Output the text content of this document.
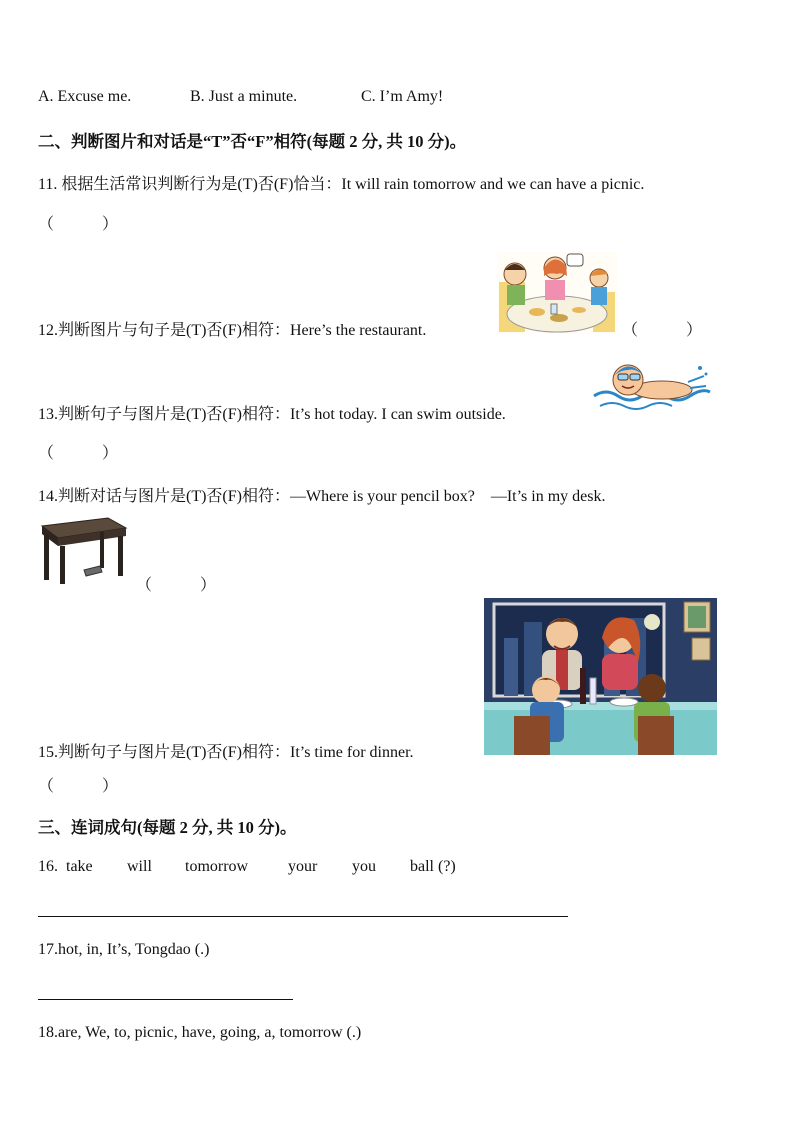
A. Excuse me.	B. Just a minute.	C. I’m Amy!
二、判断图片和对话是“T”否“F”相符(每题 2 分, 共 10 分)。
11. 根据生活常识判断行为是(T)否(F)恰当：It will rain tomorrow and we can have a picnic.
（　　　）
12.判断图片与句子是(T)否(F)相符：Here’s the restaurant.	（　　　）
13.判断句子与图片是(T)否(F)相符：It’s hot today. I can swim outside.
（　　　）
14.判断对话与图片是(T)否(F)相符：—Where is your pencil box?　—It’s in my desk.
（　　　）
15.判断句子与图片是(T)否(F)相符：It’s time for dinner.
（　　　）
三、连词成句(每题 2 分, 共 10 分)。
16. take will tomorrow your you ball (?)
17.hot, in, It’s, Tongdao (.)
18.are, We, to, picnic, have, going, a, tomorrow (.)
